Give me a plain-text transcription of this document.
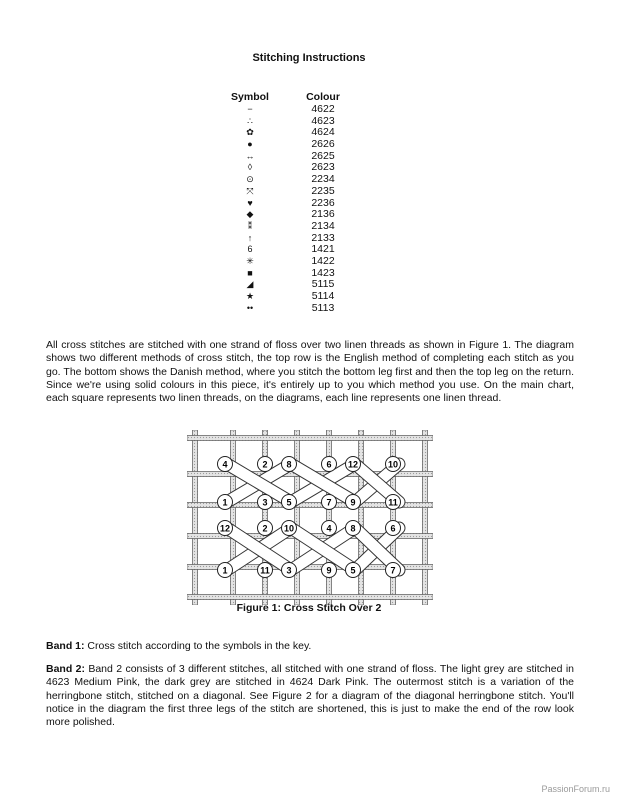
Stitching Instructions
Symbol	Colour
−	4622
∴	4623
✿	4624
●	2626
↔	2625
◊	2623
⊙	2234
⤧	2235
♥	2236
◆	2136
⁑	2134
↑	2133
6	1421
✳	1422
■	1423
◢	5115
★	5114
••	5113

All cross stitches are stitched with one strand of floss over two linen threads as shown in Figure 1. The diagram shows two different methods of cross stitch, the top row is the English method of completing each stitch as you go. The bottom shows the Danish method, where you stitch the bottom leg first and then the top leg on the return. Since we're using solid colours in this piece, it's entirely up to you which method you use. On the main chart, each square represents two linen threads, on the diagrams, each line represents one linen thread.

4	2 8	6 12	10
1	3 5	7 9	11
12	2 10	4 8	6
1	11 3	9 5	7
Figure 1: Cross Stitch Over 2

Band 1: Cross stitch according to the symbols in the key.

Band 2: Band 2 consists of 3 different stitches, all stitched with one strand of floss. The light grey are stitched in 4623 Medium Pink, the dark grey are stitched in 4624 Dark Pink. The outermost stitch is a variation of the herringbone stitch, stitched on a diagonal. See Figure 2 for a diagram of the diagonal herringbone stitch. You'll notice in the diagram the first three legs of the stitch are shortened, this is just to make the end of the row look more polished.

PassionForum.ru
